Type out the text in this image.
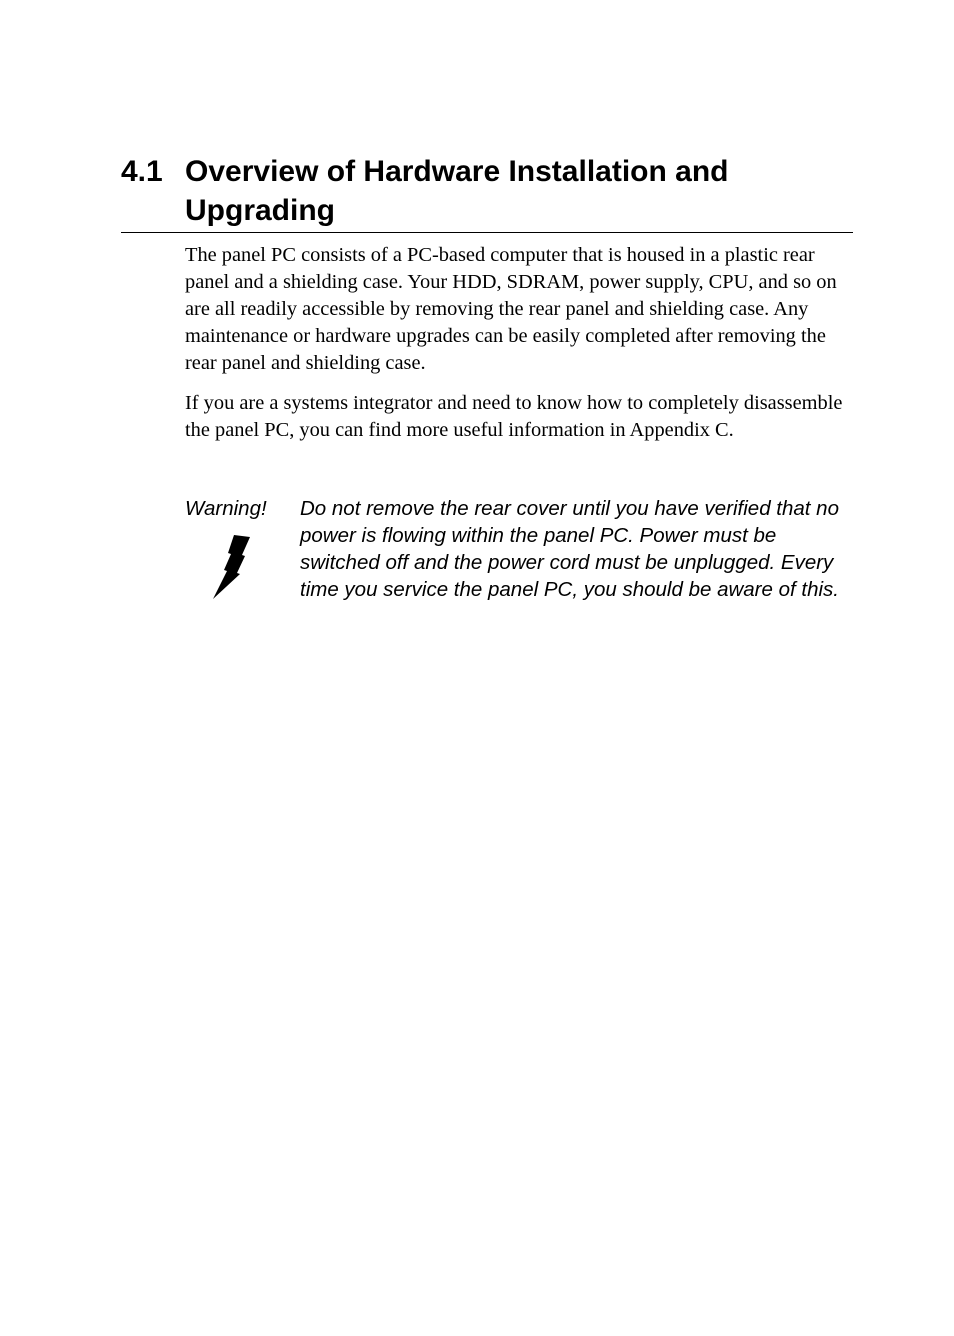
4.1 Overview of Hardware Installation and Upgrading

The panel PC consists of a PC-based computer that is housed in a plastic rear panel and a shielding case. Your HDD, SDRAM, power supply, CPU, and so on are all readily accessible by removing the rear panel and shielding case. Any maintenance or hardware upgrades can be easily completed after removing the rear panel and shielding case.

If you are a systems integrator and need to know how to completely disassemble the panel PC, you can find more useful information in Appendix C.

Warning! Do not remove the rear cover until you have verified that no power is flowing within the panel PC. Power must be switched off and the power cord must be unplugged. Every time you service the panel PC, you should be aware of this.
